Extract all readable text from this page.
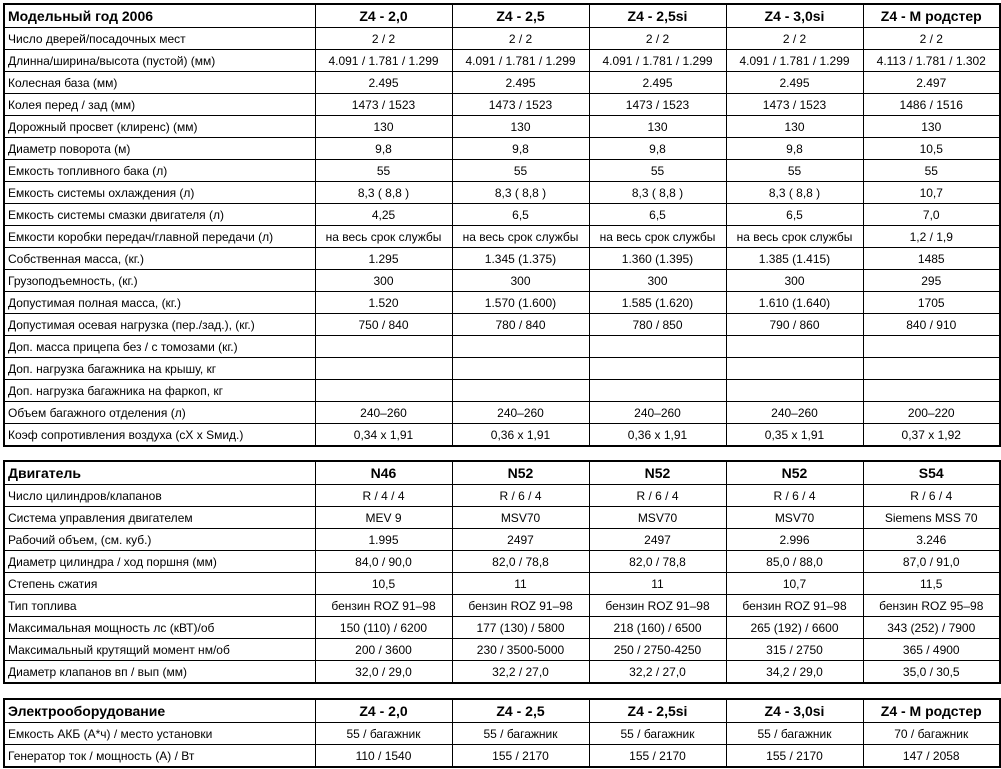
Модельный год 2006	Z4 - 2,0	Z4 - 2,5	Z4 - 2,5si	Z4 - 3,0si	Z4 - M родстер
Число дверей/посадочных мест	2 / 2	2 / 2	2 / 2	2 / 2	2 / 2
Длинна/ширина/высота (пустой) (мм)	4.091 / 1.781 / 1.299	4.091 / 1.781 / 1.299	4.091 / 1.781 / 1.299	4.091 / 1.781 / 1.299	4.113 / 1.781 / 1.302
Колесная база (мм)	2.495	2.495	2.495	2.495	2.497
Колея перед / зад (мм)	1473 / 1523	1473 / 1523	1473 / 1523	1473 / 1523	1486 / 1516
Дорожный просвет (клиренс) (мм)	130	130	130	130	130
Диаметр поворота (м)	9,8	9,8	9,8	9,8	10,5
Емкость топливного бака (л)	55	55	55	55	55
Емкость системы охлаждения (л)	8,3 ( 8,8 )	8,3 ( 8,8 )	8,3 ( 8,8 )	8,3 ( 8,8 )	10,7
Емкость системы смазки двигателя (л)	4,25	6,5	6,5	6,5	7,0
Емкости коробки передач/главной передачи (л)	на весь срок службы	на весь срок службы	на весь срок службы	на весь срок службы	1,2 / 1,9
Собственная масса, (кг.)	1.295	1.345 (1.375)	1.360 (1.395)	1.385 (1.415)	1485
Грузоподъемность, (кг.)	300	300	300	300	295
Допустимая полная масса, (кг.)	1.520	1.570 (1.600)	1.585 (1.620)	1.610 (1.640)	1705
Допустимая осевая нагрузка (пер./зад.), (кг.)	750 / 840	780 / 840	780 / 850	790 / 860	840 / 910
Доп. масса прицепа без / с томозами (кг.)					
Доп. нагрузка багажника на крышу, кг					
Доп. нагрузка багажника на фаркоп, кг					
Объем багажного отделения (л)	240–260	240–260	240–260	240–260	200–220
Коэф сопротивления воздуха (cX x Sмид.)	0,34 x 1,91	0,36 x 1,91	0,36 x 1,91	0,35 x 1,91	0,37 x 1,92
Двигатель	N46	N52	N52	N52	S54
Число цилиндров/клапанов	R / 4 / 4	R / 6 / 4	R / 6 / 4	R / 6 / 4	R / 6 / 4
Система управления двигателем	MEV 9	MSV70	MSV70	MSV70	Siemens MSS 70
Рабочий объем, (см. куб.)	1.995	2497	2497	2.996	3.246
Диаметр цилиндра / ход поршня (мм)	84,0 / 90,0	82,0 / 78,8	82,0 / 78,8	85,0 / 88,0	87,0 / 91,0
Степень сжатия	10,5	11	11	10,7	11,5
Тип топлива	бензин ROZ 91–98	бензин ROZ 91–98	бензин ROZ 91–98	бензин ROZ 91–98	бензин ROZ 95–98
Максимальная мощность лс (кВТ)/об	150 (110) / 6200	177 (130) / 5800	218 (160) / 6500	265 (192) / 6600	343 (252) / 7900
Максимальный крутящий момент нм/об	200 / 3600	230 / 3500-5000	250 / 2750-4250	315 / 2750	365 / 4900
Диаметр клапанов вп / вып (мм)	32,0 / 29,0	32,2 / 27,0	32,2 / 27,0	34,2 / 29,0	35,0 / 30,5
Электрооборудование	Z4 - 2,0	Z4 - 2,5	Z4 - 2,5si	Z4 - 3,0si	Z4 - M родстер
Емкость АКБ (А*ч) / место установки	55 / багажник	55 / багажник	55 / багажник	55 / багажник	70 / багажник
Генератор ток / мощность (А) / Вт	110 / 1540	155 / 2170	155 / 2170	155 / 2170	147 / 2058
